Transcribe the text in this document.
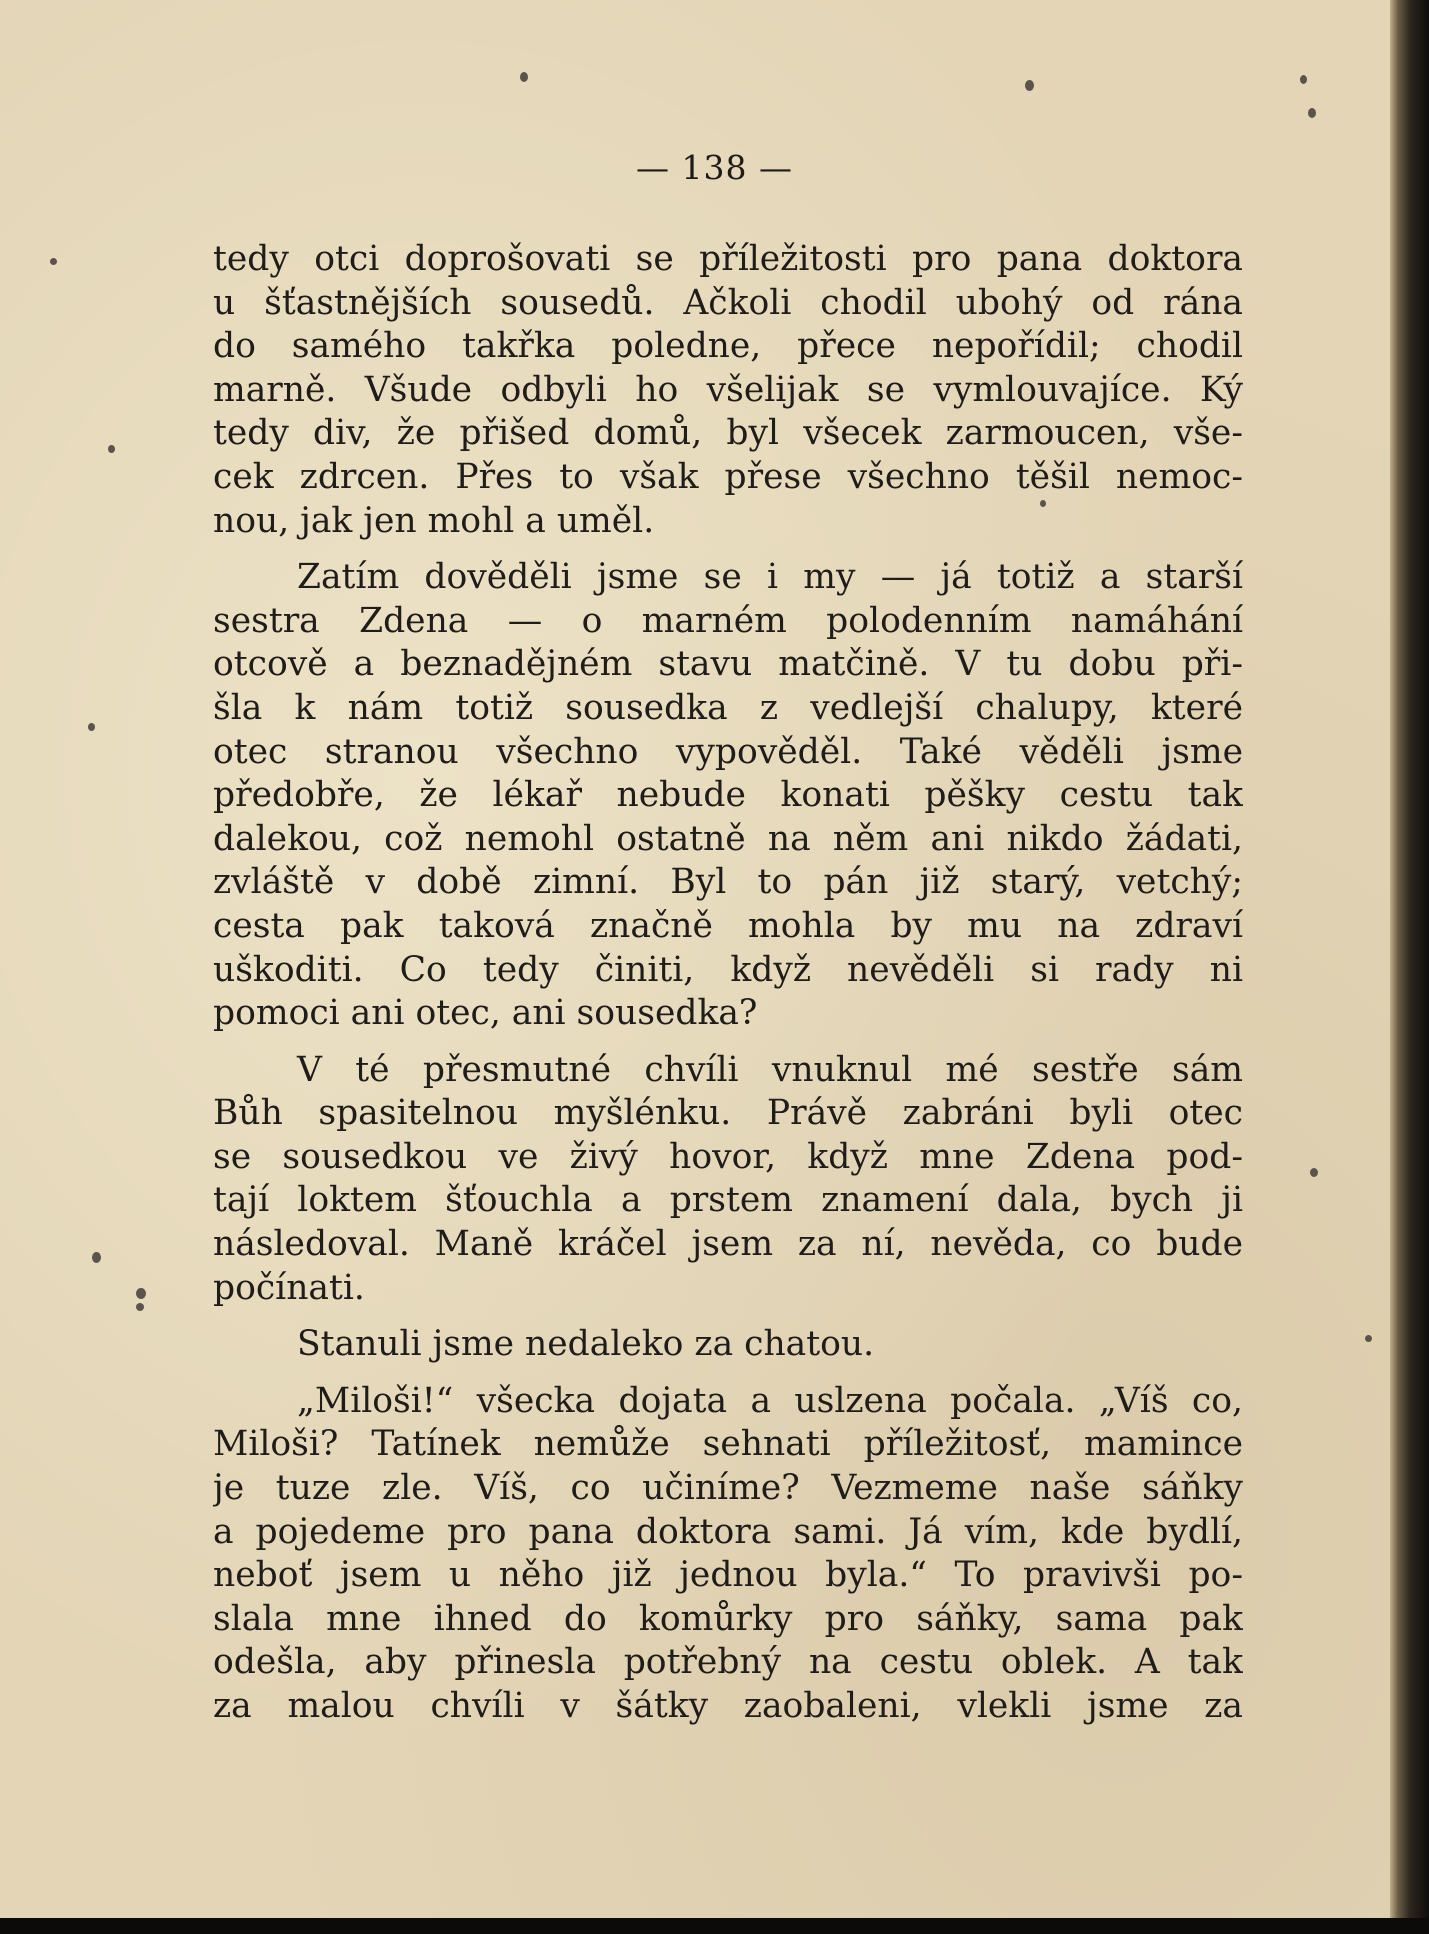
— 138 —
tedy otci doprošovati se příležitosti pro pana doktora
u šťastnějších sousedů. Ačkoli chodil ubohý od rána
do samého takřka poledne, přece nepořídil; chodil
marně. Všude odbyli ho všelijak se vymlouvajíce. Ký
tedy div, že přišed domů, byl všecek zarmoucen, vše-
cek zdrcen. Přes to však přese všechno těšil nemoc-
nou, jak jen mohl a uměl.
Zatím dověděli jsme se i my — já totiž a starší
sestra Zdena — o marném polodenním namáhání
otcově a beznadějném stavu matčině. V tu dobu při-
šla k nám totiž sousedka z vedlejší chalupy, které
otec stranou všechno vypověděl. Také věděli jsme
předobře, že lékař nebude konati pěšky cestu tak
dalekou, což nemohl ostatně na něm ani nikdo žádati,
zvláště v době zimní. Byl to pán již starý, vetchý;
cesta pak taková značně mohla by mu na zdraví
uškoditi. Co tedy činiti, když nevěděli si rady ni
pomoci ani otec, ani sousedka?
V té přesmutné chvíli vnuknul mé sestře sám
Bůh spasitelnou myšlénku. Právě zabráni byli otec
se sousedkou ve živý hovor, když mne Zdena pod-
tají loktem šťouchla a prstem znamení dala, bych ji
následoval. Maně kráčel jsem za ní, nevěda, co bude
počínati.
Stanuli jsme nedaleko za chatou.
„Miloši!“ všecka dojata a uslzena počala. „Víš co,
Miloši? Tatínek nemůže sehnati příležitosť, mamince
je tuze zle. Víš, co učiníme? Vezmeme naše sáňky
a pojedeme pro pana doktora sami. Já vím, kde bydlí,
neboť jsem u něho již jednou byla.“ To pravivši po-
slala mne ihned do komůrky pro sáňky, sama pak
odešla, aby přinesla potřebný na cestu oblek. A tak
za malou chvíli v šátky zaobaleni, vlekli jsme za
